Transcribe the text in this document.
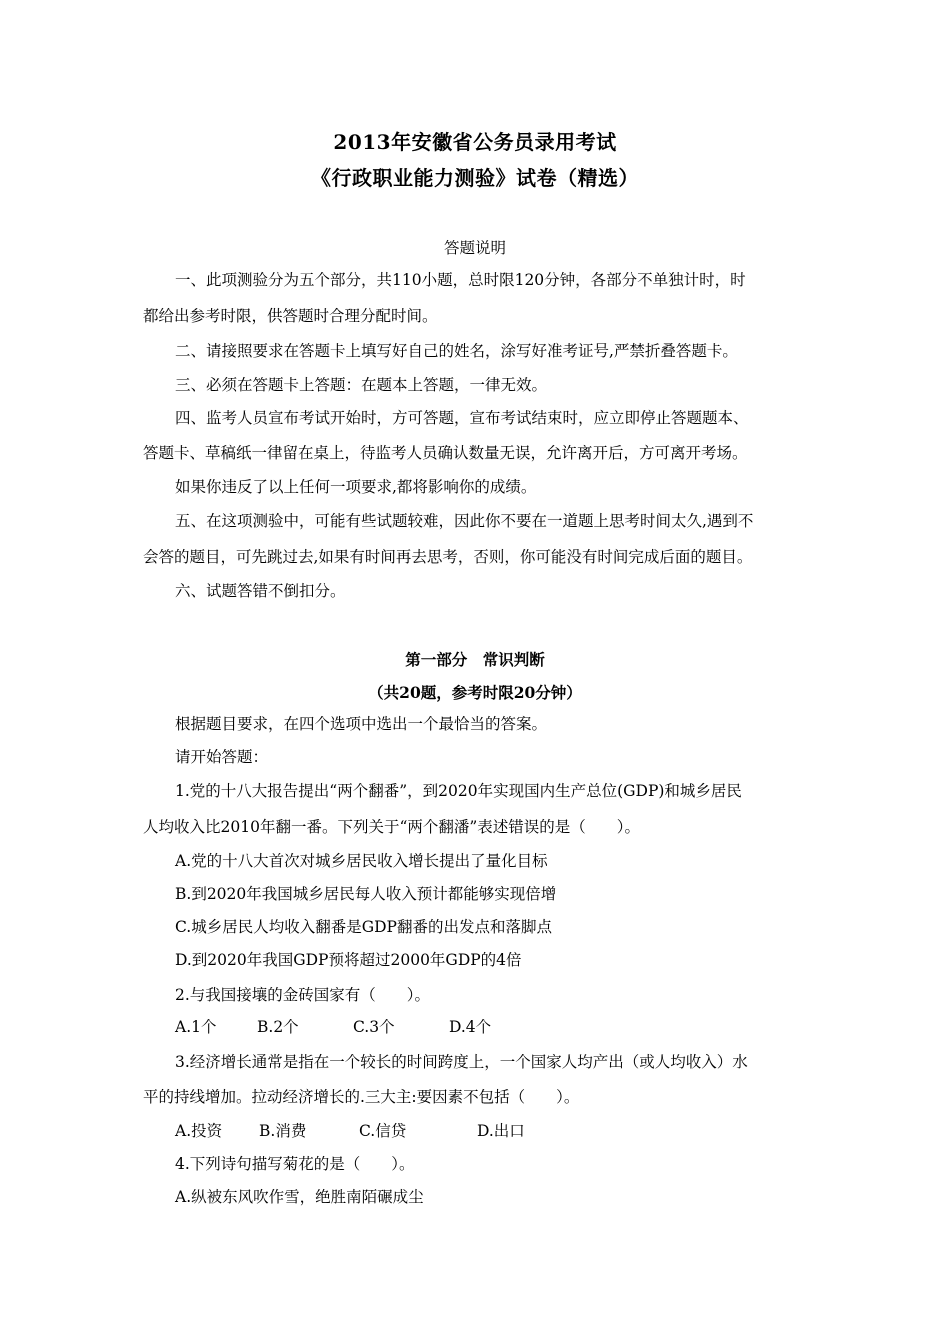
2013年安徽省公务员录用考试
《行政职业能力测验》试卷（精选）
答题说明
一、此项测验分为五个部分，共110小题，总时限120分钟，各部分不单独计时，时
都给出参考时限，供答题时合理分配时间。
二、请接照要求在答题卡上填写好自己的姓名，涂写好准考证号,严禁折叠答题卡。
三、必须在答题卡上答题：在题本上答题，一律无效。
四、监考人员宣布考试开始时，方可答题，宣布考试结束时，应立即停止答题题本、
答题卡、草稿纸一律留在桌上，待监考人员确认数量无误，允许离开后，方可离开考场。
如果你违反了以上任何一项要求,都将影响你的成绩。
五、在这项测验中，可能有些试题较难，因此你不要在一道题上思考时间太久,遇到不
会答的题目，可先跳过去,如果有时间再去思考，否则，你可能没有时间完成后面的题目。
六、试题答错不倒扣分。
第一部分　常识判断
（共20题，参考时限20分钟）
根据题目要求，在四个选项中选出一个最恰当的答案。
请开始答题：
1.党的十八大报告提出“两个翻番”，到2020年实现国内生产总位(GDP)和城乡居民
人均收入比2010年翻一番。下列关于“两个翻潘”表述错误的是（　　）。
A.党的十八大首次对城乡居民收入增长提出了量化目标
B.到2020年我国城乡居民每人收入预计都能够实现倍增
C.城乡居民人均收入翻番是GDP翻番的出发点和落脚点
D.到2020年我国GDP预将超过2000年GDP的4倍
2.与我国接壤的金砖国家有（　　）。
A.1个	B.2个	C.3个	D.4个
3.经济增长通常是指在一个较长的时间跨度上，一个国家人均产出（或人均收入）水
平的持线增加。拉动经济增长的.三大主:要因素不包括（　　）。
A.投资 B.消费	C.信贷	D.出口
4.下列诗句描写菊花的是（　　）。
A.纵被东风吹作雪，绝胜南陌碾成尘
